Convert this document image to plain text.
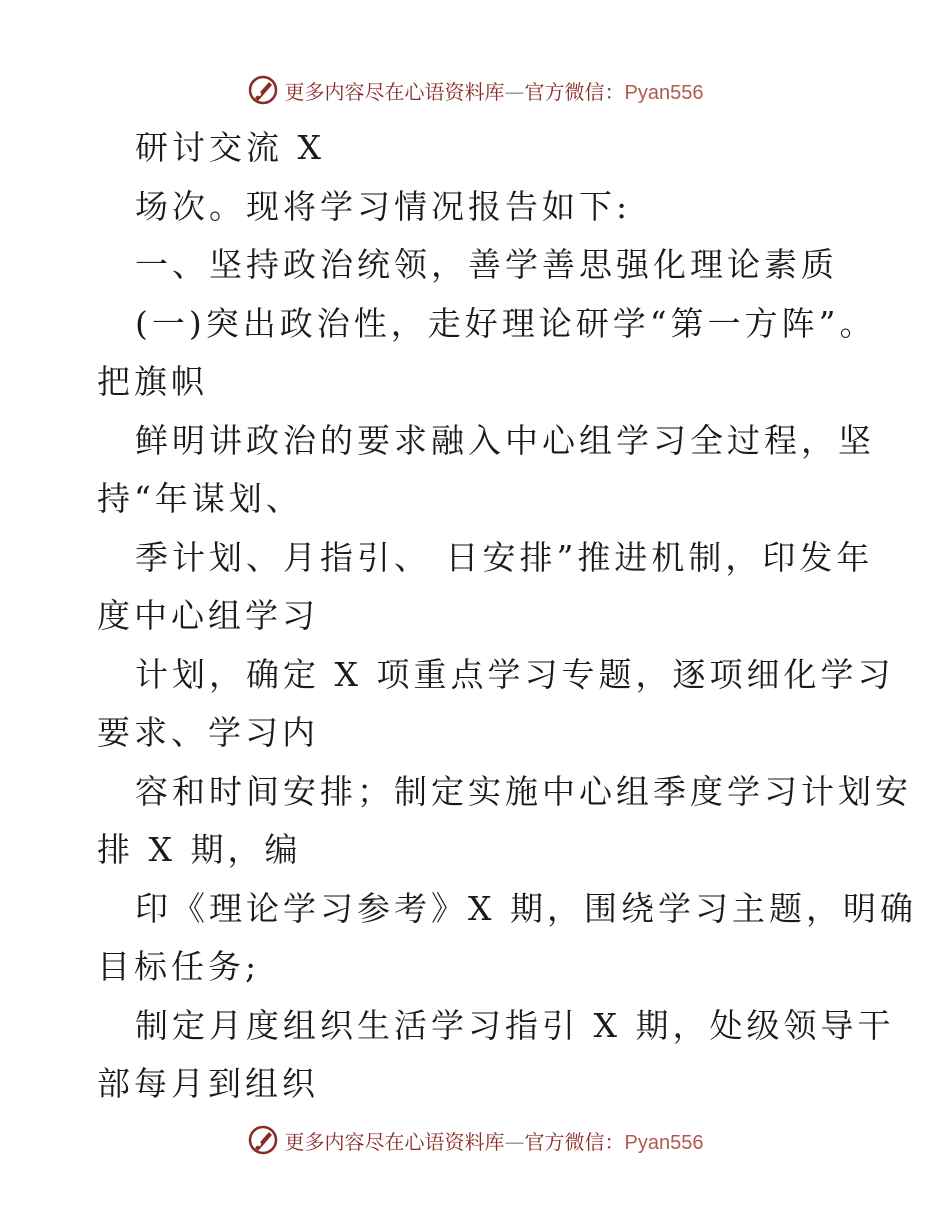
更多内容尽在心语资料库—官方微信：Pyan556
研讨交流 X
场次。现将学习情况报告如下:
一、坚持政治统领，善学善思强化理论素质
(一)突出政治性，走好理论研学“第一方阵”。
把旗帜
鲜明讲政治的要求融入中心组学习全过程，坚
持“年谋划、
季计划、月指引、 日安排”推进机制，印发年
度中心组学习
计划，确定 X 项重点学习专题，逐项细化学习
要求、学习内
容和时间安排；制定实施中心组季度学习计划安
排 X 期，编
印《理论学习参考》X 期，围绕学习主题，明确
目标任务;
制定月度组织生活学习指引 X 期，处级领导干
部每月到组织
更多内容尽在心语资料库—官方微信：Pyan556
